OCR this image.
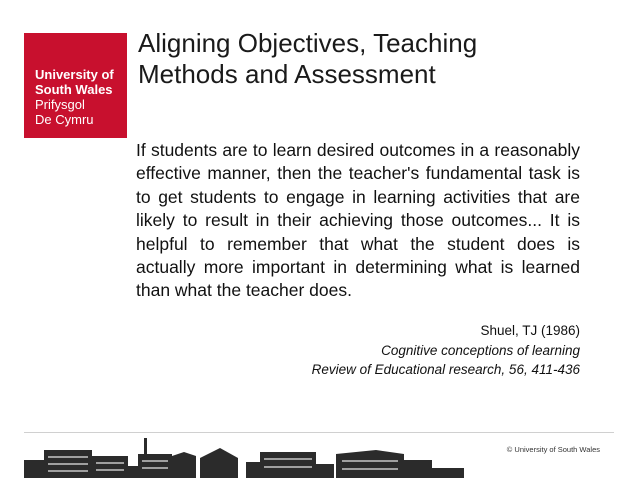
University of
South Wales
Prifysgol
De Cymru
Aligning Objectives, Teaching
Methods and Assessment

If students are to learn desired outcomes in a reasonably effective manner, then the teacher's fundamental task is to get students to engage in learning activities that are likely to result in their achieving those outcomes... It is helpful to remember that what the student does is actually more important in determining what is learned than what the teacher does.

Shuel, TJ (1986)
Cognitive conceptions of learning
Review of Educational research, 56, 411-436
© University of South Wales
